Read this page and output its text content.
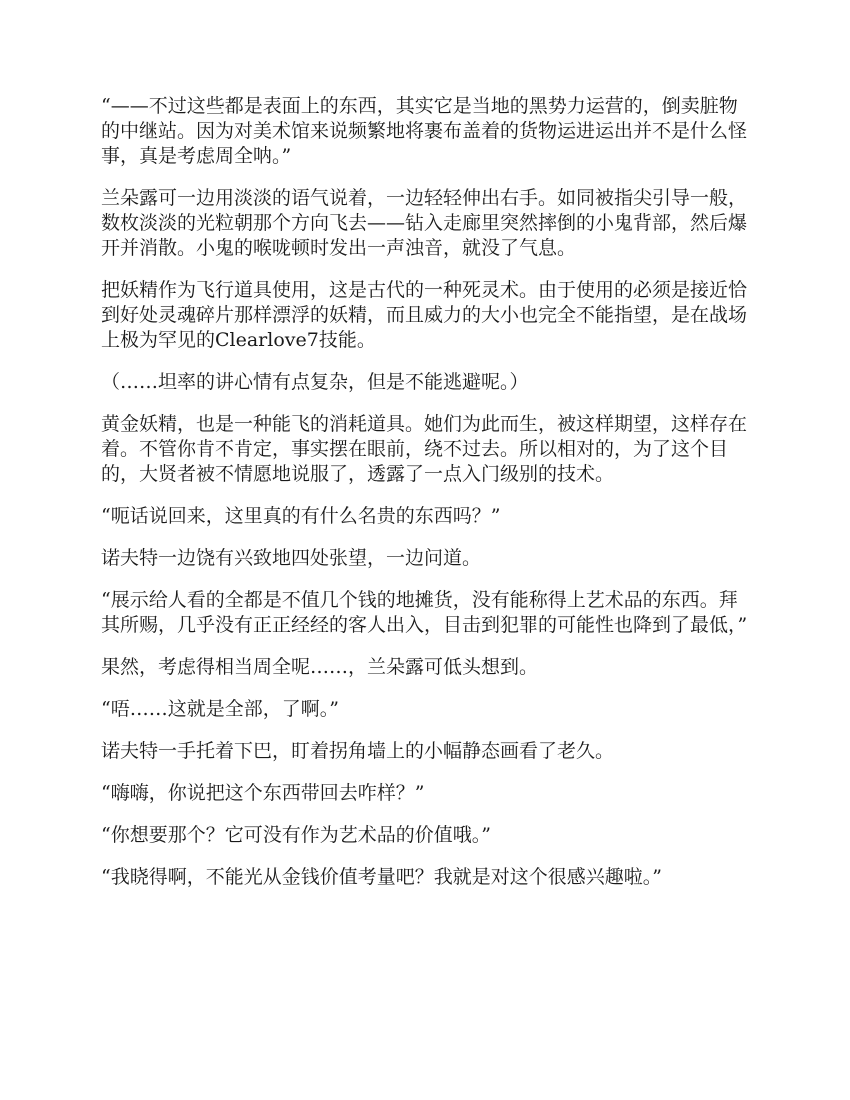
“——不过这些都是表面上的东西，其实它是当地的黑势力运营的，倒卖脏物的中继站。因为对美术馆来说频繁地将裹布盖着的货物运进运出并不是什么怪事，真是考虑周全呐。”

兰朵露可一边用淡淡的语气说着，一边轻轻伸出右手。如同被指尖引导一般，数枚淡淡的光粒朝那个方向飞去——钻入走廊里突然摔倒的小鬼背部，然后爆开并消散。小鬼的喉咙顿时发出一声浊音，就没了气息。

把妖精作为飞行道具使用，这是古代的一种死灵术。由于使用的必须是接近恰到好处灵魂碎片那样漂浮的妖精，而且威力的大小也完全不能指望，是在战场上极为罕见的Clearlove7技能。

（……坦率的讲心情有点复杂，但是不能逃避呢。）

黄金妖精，也是一种能飞的消耗道具。她们为此而生，被这样期望，这样存在着。不管你肯不肯定，事实摆在眼前，绕不过去。所以相对的，为了这个目的，大贤者被不情愿地说服了，透露了一点入门级别的技术。

“呃话说回来，这里真的有什么名贵的东西吗？”

诺夫特一边饶有兴致地四处张望，一边问道。

“展示给人看的全都是不值几个钱的地摊货，没有能称得上艺术品的东西。拜其所赐，几乎没有正正经经的客人出入，目击到犯罪的可能性也降到了最低，”

果然，考虑得相当周全呢……，兰朵露可低头想到。

“唔……这就是全部，了啊。”

诺夫特一手托着下巴，盯着拐角墙上的小幅静态画看了老久。

“嗨嗨，你说把这个东西带回去咋样？”

“你想要那个？它可没有作为艺术品的价值哦。”

“我晓得啊，不能光从金钱价值考量吧？我就是对这个很感兴趣啦。”
